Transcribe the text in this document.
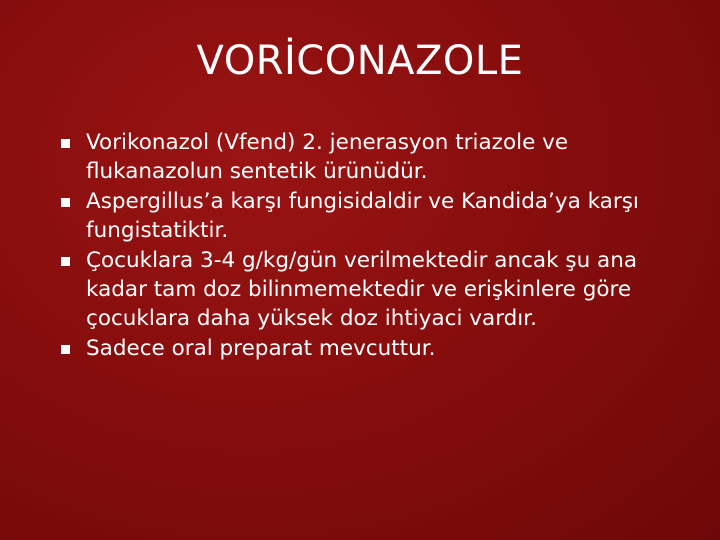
VORİCONAZOLE
Vorikonazol (Vfend) 2. jenerasyon triazole ve flukanazolun sentetik ürünüdür.
Aspergillus’a karşı fungisidaldir ve Kandida’ya karşı fungistatiktir.
Çocuklara 3-4 g/kg/gün verilmektedir ancak şu ana kadar tam doz bilinmemektedir ve erişkinlere göre çocuklara daha yüksek doz ihtiyaci vardır.
Sadece oral preparat mevcuttur.
